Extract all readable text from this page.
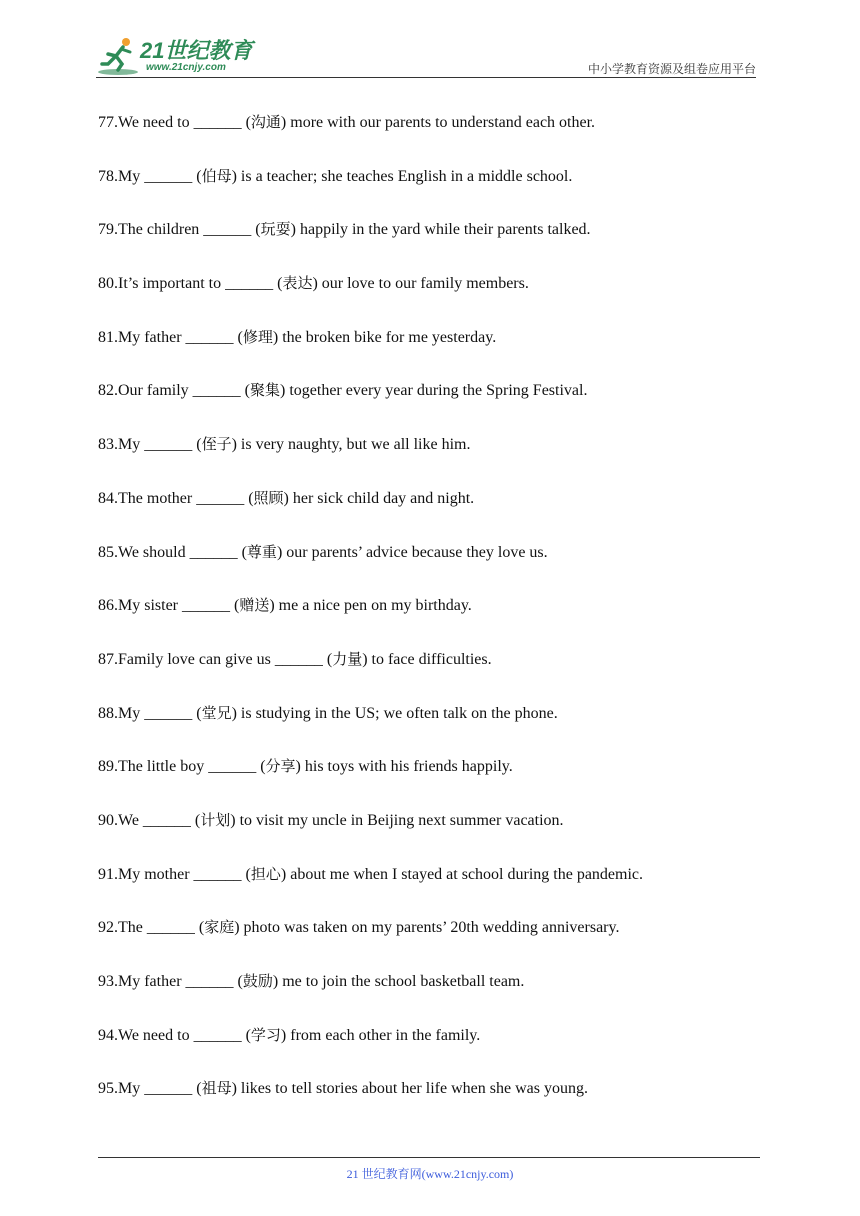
21世纪教育
www.21cnjy.com	中小学教育资源及组卷应用平台
77.We need to ______ (沟通) more with our parents to understand each other.
78.My ______ (伯母) is a teacher; she teaches English in a middle school.
79.The children ______ (玩耍) happily in the yard while their parents talked.
80.It’s important to ______ (表达) our love to our family members.
81.My father ______ (修理) the broken bike for me yesterday.
82.Our family ______ (聚集) together every year during the Spring Festival.
83.My ______ (侄子) is very naughty, but we all like him.
84.The mother ______ (照顾) her sick child day and night.
85.We should ______ (尊重) our parents’ advice because they love us.
86.My sister ______ (赠送) me a nice pen on my birthday.
87.Family love can give us ______ (力量) to face difficulties.
88.My ______ (堂兄) is studying in the US; we often talk on the phone.
89.The little boy ______ (分享) his toys with his friends happily.
90.We ______ (计划) to visit my uncle in Beijing next summer vacation.
91.My mother ______ (担心) about me when I stayed at school during the pandemic.
92.The ______ (家庭) photo was taken on my parents’ 20th wedding anniversary.
93.My father ______ (鼓励) me to join the school basketball team.
94.We need to ______ (学习) from each other in the family.
95.My ______ (祖母) likes to tell stories about her life when she was young.
21 世纪教育网(www.21cnjy.com)
